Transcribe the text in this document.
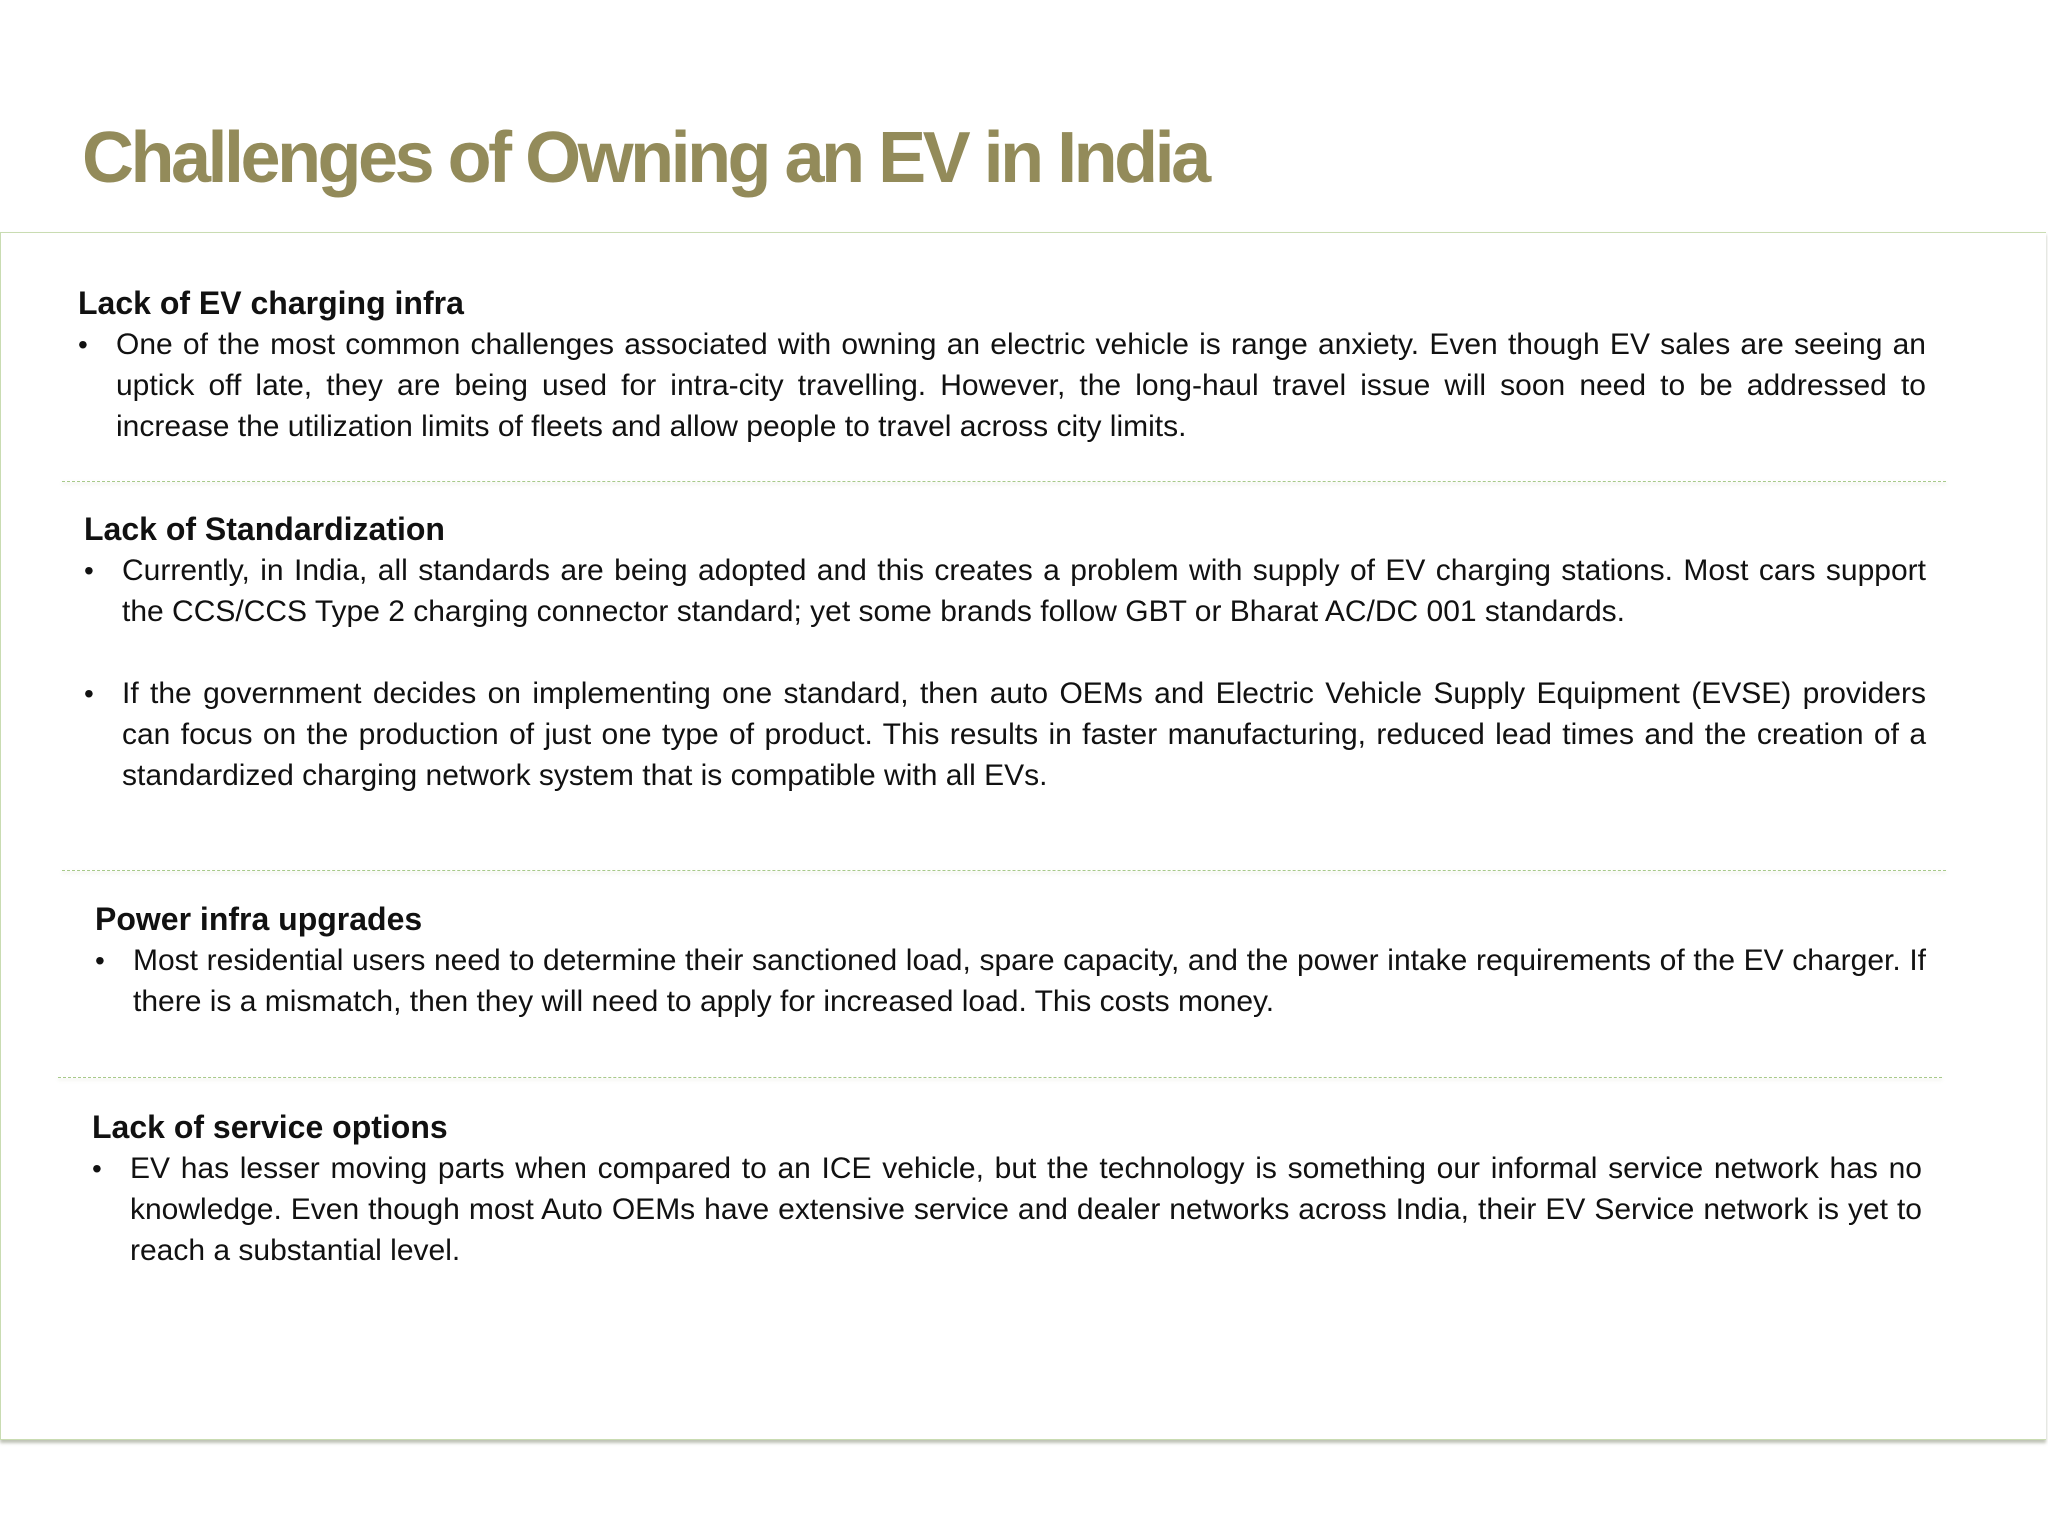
Challenges of Owning an EV in India
Lack of EV charging infra
• One of the most common challenges associated with owning an electric vehicle is range anxiety. Even though EV sales are seeing an uptick off late, they are being used for intra-city travelling. However, the long-haul travel issue will soon need to be addressed to increase the utilization limits of fleets and allow people to travel across city limits.
Lack of Standardization
• Currently, in India, all standards are being adopted and this creates a problem with supply of EV charging stations. Most cars support the CCS/CCS Type 2 charging connector standard; yet some brands follow GBT or Bharat AC/DC 001 standards.
• If the government decides on implementing one standard, then auto OEMs and Electric Vehicle Supply Equipment (EVSE) providers can focus on the production of just one type of product. This results in faster manufacturing, reduced lead times and the creation of a standardized charging network system that is compatible with all EVs.
Power infra upgrades
• Most residential users need to determine their sanctioned load, spare capacity, and the power intake requirements of the EV charger. If there is a mismatch, then they will need to apply for increased load. This costs money.
Lack of service options
• EV has lesser moving parts when compared to an ICE vehicle, but the technology is something our informal service network has no knowledge. Even though most Auto OEMs have extensive service and dealer networks across India, their EV Service network is yet to reach a substantial level.
